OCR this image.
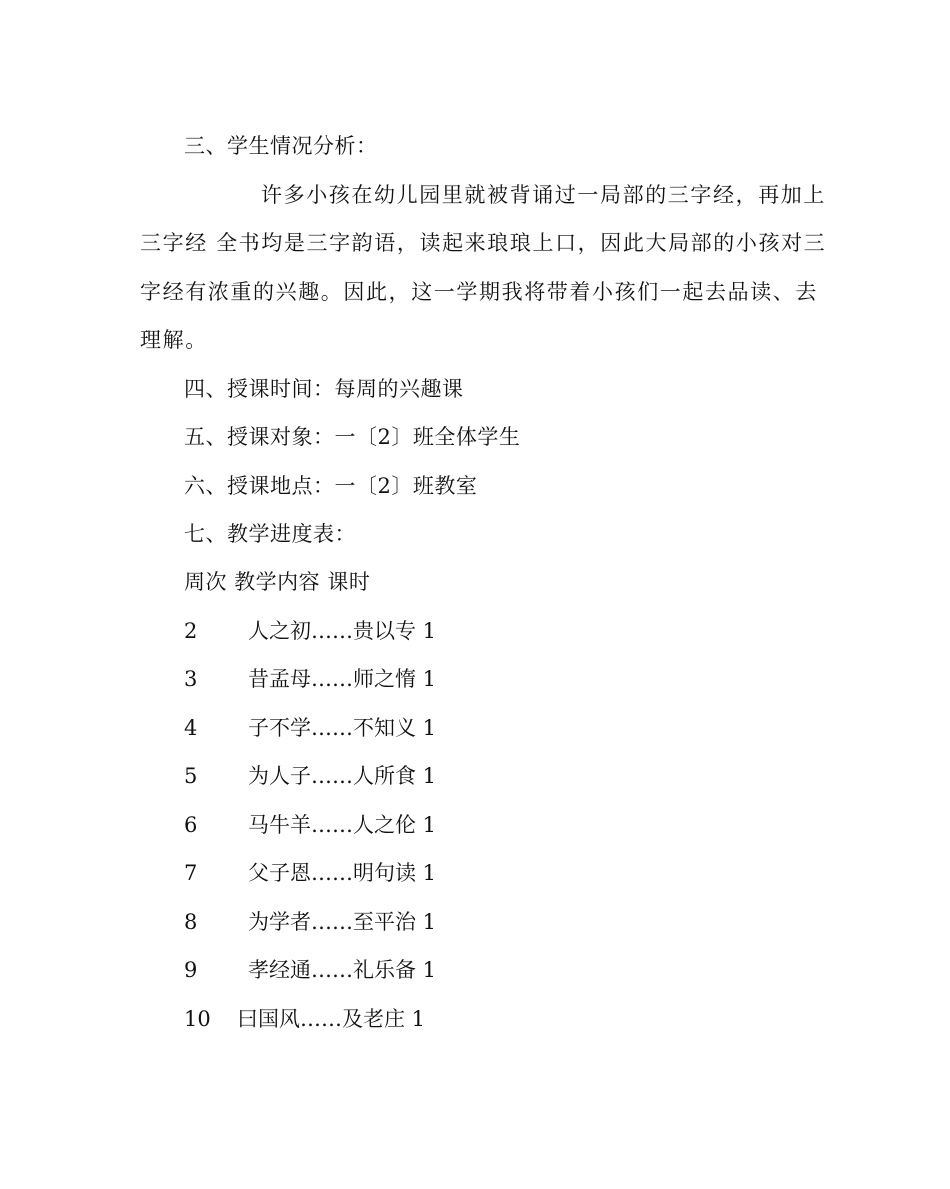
三、学生情况分析：
许多小孩在幼儿园里就被背诵过一局部的三字经，再加上
三字经 全书均是三字韵语，读起来琅琅上口，因此大局部的小孩对三
字经有浓重的兴趣。因此，这一学期我将带着小孩们一起去品读、去
理解。
四、授课时间：每周的兴趣课
五、授课对象：一〔2〕班全体学生
六、授课地点：一〔2〕班教室
七、教学进度表：
周次 教学内容 课时
2 人之初……贵以专 1
3 昔孟母……师之惰 1
4 子不学……不知义 1
5 为人子……人所食 1
6 马牛羊……人之伦 1
7 父子恩……明句读 1
8 为学者……至平治 1
9 孝经通……礼乐备 1
10 曰国风……及老庄 1
